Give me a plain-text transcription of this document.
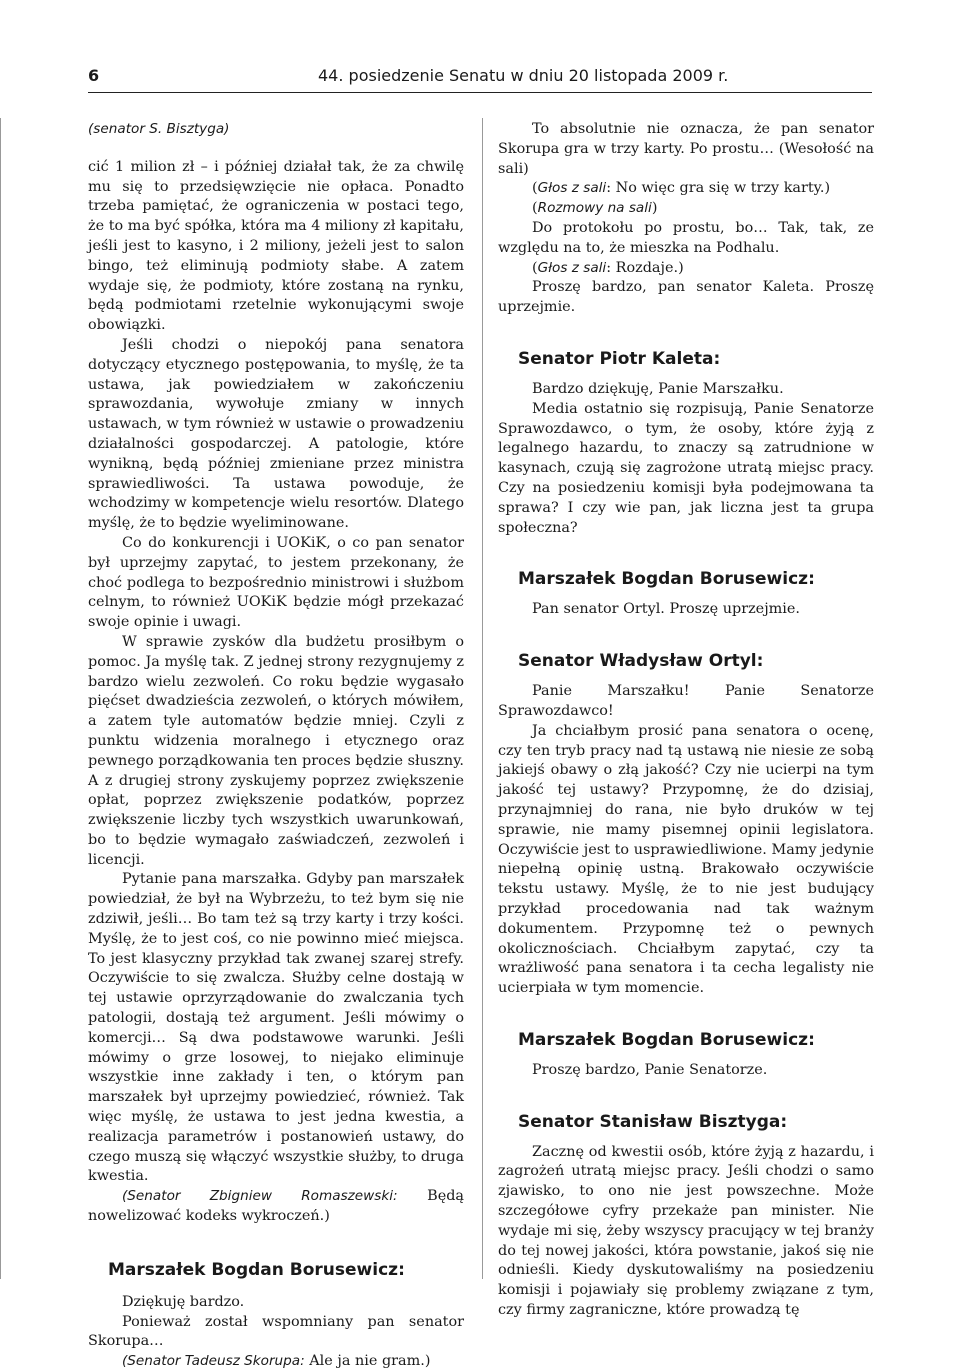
6	44. posiedzenie Senatu w dniu 20 listopada 2009 r.

(senator S. Bisztyga)

cić 1 milion zł – i później działał tak, że za chwilę mu się to przedsięwzięcie nie opłaca. Ponadto trzeba pamiętać, że ograniczenia w postaci tego, że to ma być spółka, która ma 4 miliony zł kapitału, jeśli jest to kasyno, i 2 miliony, jeżeli jest to salon bingo, też eliminują podmioty słabe. A zatem wydaje się, że podmioty, które zostaną na rynku, będą podmiotami rzetelnie wykonującymi swoje obowiązki.

Jeśli chodzi o niepokój pana senatora dotyczący etycznego postępowania, to myślę, że ta ustawa, jak powiedziałem w zakończeniu sprawozdania, wywołuje zmiany w innych ustawach, w tym również w ustawie o prowadzeniu działalności gospodarczej. A patologie, które wynikną, będą później zmieniane przez ministra sprawiedliwości. Ta ustawa powoduje, że wchodzimy w kompetencje wielu resortów. Dlatego myślę, że to będzie wyeliminowane.

Co do konkurencji i UOKiK, o co pan senator był uprzejmy zapytać, to jestem przekonany, że choć podlega to bezpośrednio ministrowi i służbom celnym, to również UOKiK będzie mógł przekazać swoje opinie i uwagi.

W sprawie zysków dla budżetu prosiłbym o pomoc. Ja myślę tak. Z jednej strony rezygnujemy z bardzo wielu zezwoleń. Co roku będzie wygasało pięćset dwadzieścia zezwoleń, o których mówiłem, a zatem tyle automatów będzie mniej. Czyli z punktu widzenia moralnego i etycznego oraz pewnego porządkowania ten proces będzie słuszny. A z drugiej strony zyskujemy poprzez zwiększenie opłat, poprzez zwiększenie podatków, poprzez zwiększenie liczby tych wszystkich uwarunkowań, bo to będzie wymagało zaświadczeń, zezwoleń i licencji.

Pytanie pana marszałka. Gdyby pan marszałek powiedział, że był na Wybrzeżu, to też bym się nie zdziwił, jeśli… Bo tam też są trzy karty i trzy kości. Myślę, że to jest coś, co nie powinno mieć miejsca. To jest klasyczny przykład tak zwanej szarej strefy. Oczywiście to się zwalcza. Służby celne dostają w tej ustawie oprzyrządowanie do zwalczania tych patologii, dostają też argument. Jeśli mówimy o komercji… Są dwa podstawowe warunki. Jeśli mówimy o grze losowej, to niejako eliminuje wszystkie inne zakłady i ten, o którym pan marszałek był uprzejmy powiedzieć, również. Tak więc myślę, że ustawa to jest jedna kwestia, a realizacja parametrów i postanowień ustawy, do czego muszą się włączyć wszystkie służby, to druga kwestia.

(Senator Zbigniew Romaszewski: Będą nowelizować kodeks wykroczeń.)

Marszałek Bogdan Borusewicz:

Dziękuję bardzo.

Ponieważ został wspomniany pan senator Skorupa…

(Senator Tadeusz Skorupa: Ale ja nie gram.)

To absolutnie nie oznacza, że pan senator Skorupa gra w trzy karty. Po prostu… (Wesołość na sali)

(Głos z sali: No więc gra się w trzy karty.)

(Rozmowy na sali)

Do protokołu po prostu, bo… Tak, tak, ze względu na to, że mieszka na Podhalu.

(Głos z sali: Rozdaje.)

Proszę bardzo, pan senator Kaleta. Proszę uprzejmie.

Senator Piotr Kaleta:

Bardzo dziękuję, Panie Marszałku.

Media ostatnio się rozpisują, Panie Senatorze Sprawozdawco, o tym, że osoby, które żyją z legalnego hazardu, to znaczy są zatrudnione w kasynach, czują się zagrożone utratą miejsc pracy. Czy na posiedzeniu komisji była podejmowana ta sprawa? I czy wie pan, jak liczna jest ta grupa społeczna?

Marszałek Bogdan Borusewicz:

Pan senator Ortyl. Proszę uprzejmie.

Senator Władysław Ortyl:

Panie Marszałku! Panie Senatorze Sprawozdawco!

Ja chciałbym prosić pana senatora o ocenę, czy ten tryb pracy nad tą ustawą nie niesie ze sobą jakiejś obawy o złą jakość? Czy nie ucierpi na tym jakość tej ustawy? Przypomnę, że do dzisiaj, przynajmniej do rana, nie było druków w tej sprawie, nie mamy pisemnej opinii legislatora. Oczywiście jest to usprawiedliwione. Mamy jedynie niepełną opinię ustną. Brakowało oczywiście tekstu ustawy. Myślę, że to nie jest budujący przykład procedowania nad tak ważnym dokumentem. Przypomnę też o pewnych okolicznościach. Chciałbym zapytać, czy ta wrażliwość pana senatora i ta cecha legalisty nie ucierpiała w tym momencie.

Marszałek Bogdan Borusewicz:

Proszę bardzo, Panie Senatorze.

Senator Stanisław Bisztyga:

Zacznę od kwestii osób, które żyją z hazardu, i zagrożeń utratą miejsc pracy. Jeśli chodzi o samo zjawisko, to ono nie jest powszechne. Może szczegółowe cyfry przekaże pan minister. Nie wydaje mi się, żeby wszyscy pracujący w tej branży do tej nowej jakości, która powstanie, jakoś się nie odnieśli. Kiedy dyskutowaliśmy na posiedzeniu komisji i pojawiały się problemy związane z tym, czy firmy zagraniczne, które prowadzą tę
